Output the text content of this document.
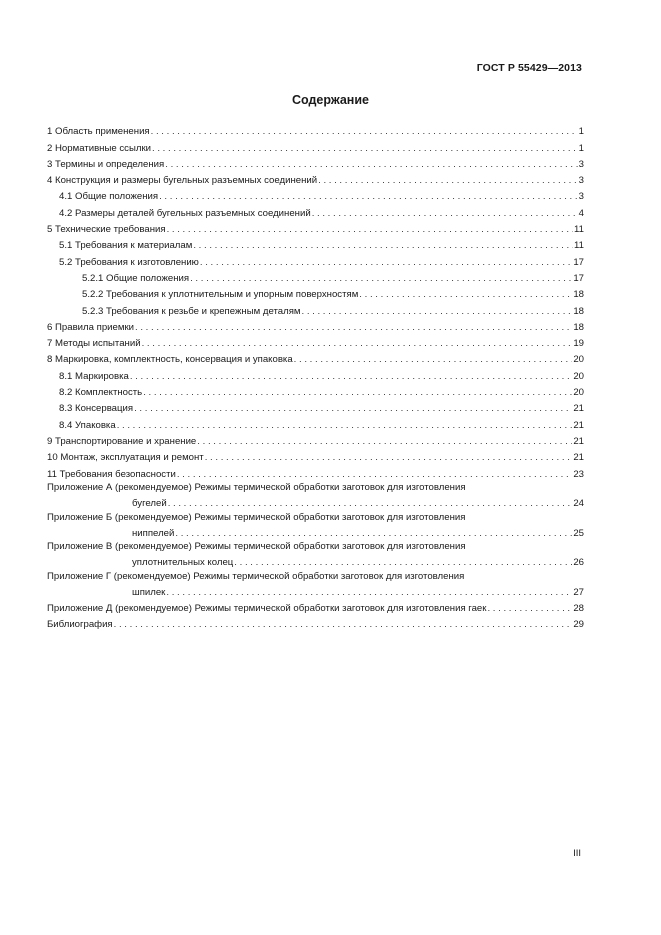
ГОСТ Р 55429—2013
Содержание
1 Область применения . . .	1
2 Нормативные ссылки . . .	1
3 Термины и определения . . .	3
4 Конструкция и размеры бугельных разъемных соединений . . .	3
4.1 Общие положения . . .	3
4.2 Размеры деталей бугельных разъемных соединений . . .	4
5 Технические требования . . .	11
5.1 Требования к материалам . . .	11
5.2 Требования к изготовлению . . .	17
5.2.1 Общие положения . . .	17
5.2.2 Требования к уплотнительным и упорным поверхностям . . .	18
5.2.3 Требования к резьбе и крепежным деталям . . .	18
6 Правила приемки . . .	18
7 Методы испытаний . . .	19
8 Маркировка, комплектность, консервация и упаковка . . .	20
8.1 Маркировка . . .	20
8.2 Комплектность . . .	20
8.3 Консервация . . .	21
8.4 Упаковка . . .	21
9 Транспортирование и хранение . . .	21
10 Монтаж, эксплуатация и ремонт . . .	21
11 Требования безопасности . . .	23
Приложение А (рекомендуемое) Режимы термической обработки заготовок для изготовления
бугелей . . .	24
Приложение Б (рекомендуемое) Режимы термической обработки заготовок для изготовления
ниппелей . . .	25
Приложение В (рекомендуемое) Режимы термической обработки заготовок для изготовления
уплотнительных колец . . .	26
Приложение Г (рекомендуемое) Режимы термической обработки заготовок для изготовления
шпилек . . .	27
Приложение Д (рекомендуемое) Режимы термической обработки заготовок для изготовления гаек . . .	28
Библиография . . .	29
III
